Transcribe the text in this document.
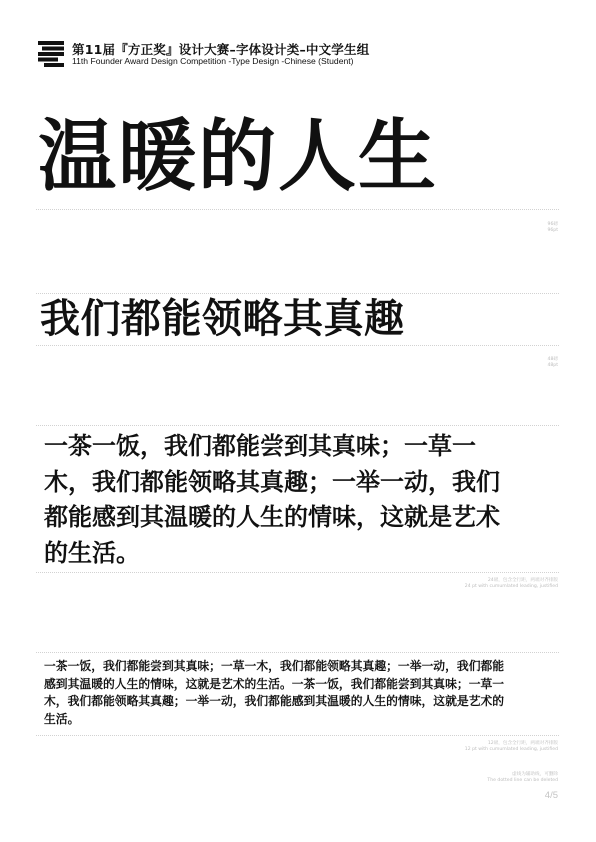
第11届『方正奖』设计大赛–字体设计类–中文学生组
11th Founder Award Design Competition -Type Design -Chinese (Student)
温暖的人生
96磅
96pt
我们都能领略其真趣
48磅
48pt
一茶一饭，我们都能尝到其真味；一草一木，我们都能领略其真趣；一举一动，我们都能感到其温暖的人生的情味，这就是艺术的生活。
24磅，包含全行距，两端对齐排版
24 pt with cumumlated leading, justified
一茶一饭，我们都能尝到其真味；一草一木，我们都能领略其真趣；一举一动，我们都能感到其温暖的人生的情味，这就是艺术的生活。一茶一饭，我们都能尝到其真味；一草一木，我们都能领略其真趣；一举一动，我们都能感到其温暖的人生的情味，这就是艺术的生活。
12磅，包含全行距，两端对齐排版
12 pt with cumumlated leading, justified
虚线为辅助线，可删除
The dotted line can be deleted
4/5
